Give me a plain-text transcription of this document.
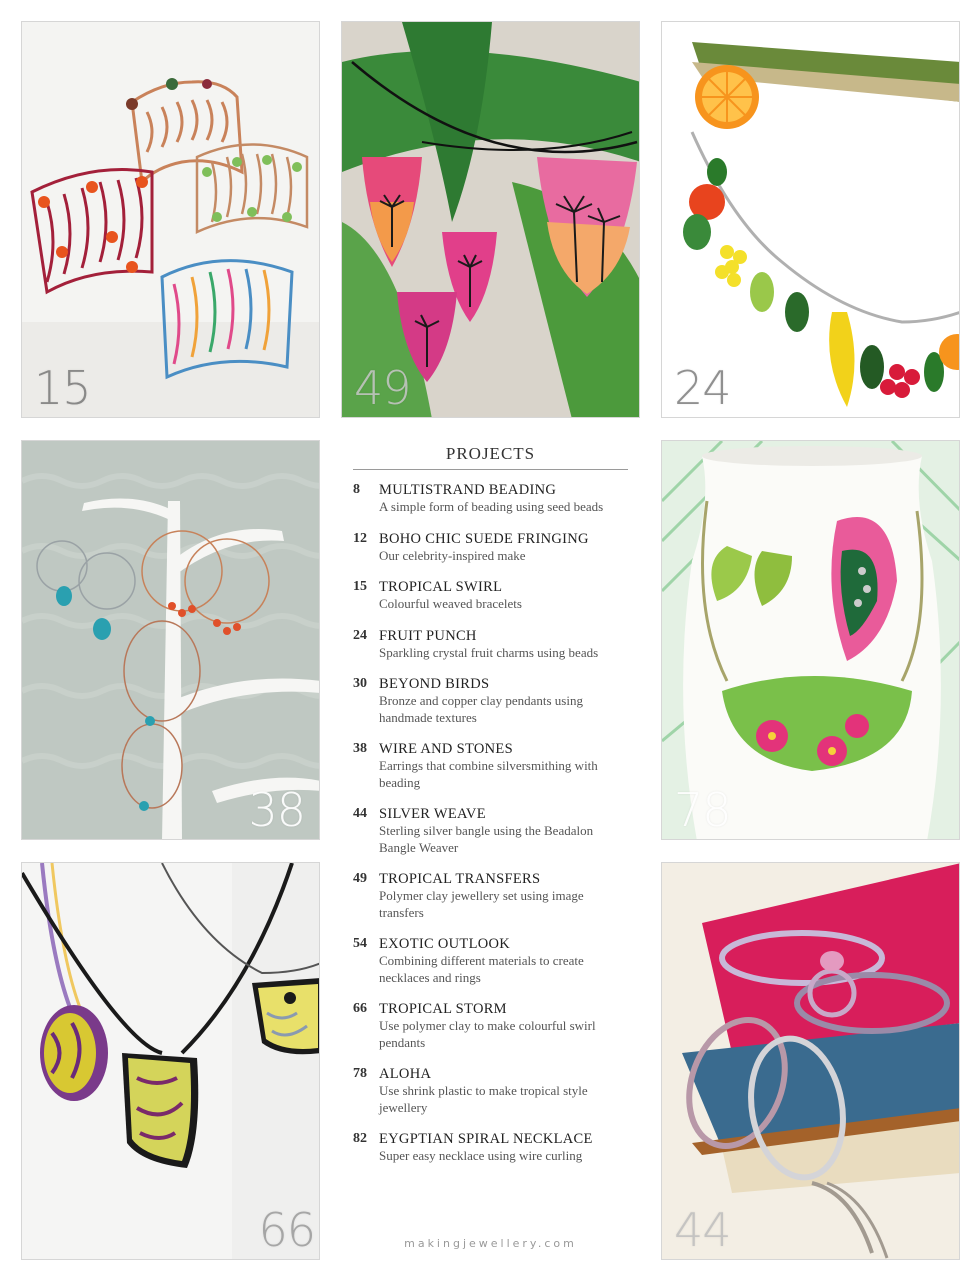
15	49	24
38	78
66	44
PROJECTS
8	MULTISTRAND BEADING
A simple form of beading using seed beads
12 BOHO CHIC SUEDE FRINGING
Our celebrity-inspired make
15 TROPICAL SWIRL
Colourful weaved bracelets
24 FRUIT PUNCH
Sparkling crystal fruit charms using beads
30 BEYOND BIRDS
Bronze and copper clay pendants using handmade textures
38 WIRE AND STONES
Earrings that combine silversmithing with beading
44 SILVER WEAVE
Sterling silver bangle using the Beadalon Bangle Weaver
49 TROPICAL TRANSFERS
Polymer clay jewellery set using image transfers
54 EXOTIC OUTLOOK
Combining different materials to create necklaces and rings
66 TROPICAL STORM
Use polymer clay to make colourful swirl pendants
78 ALOHA
Use shrink plastic to make tropical style jewellery
82 EYGPTIAN SPIRAL NECKLACE
Super easy necklace using wire curling
makingjewellery.com
